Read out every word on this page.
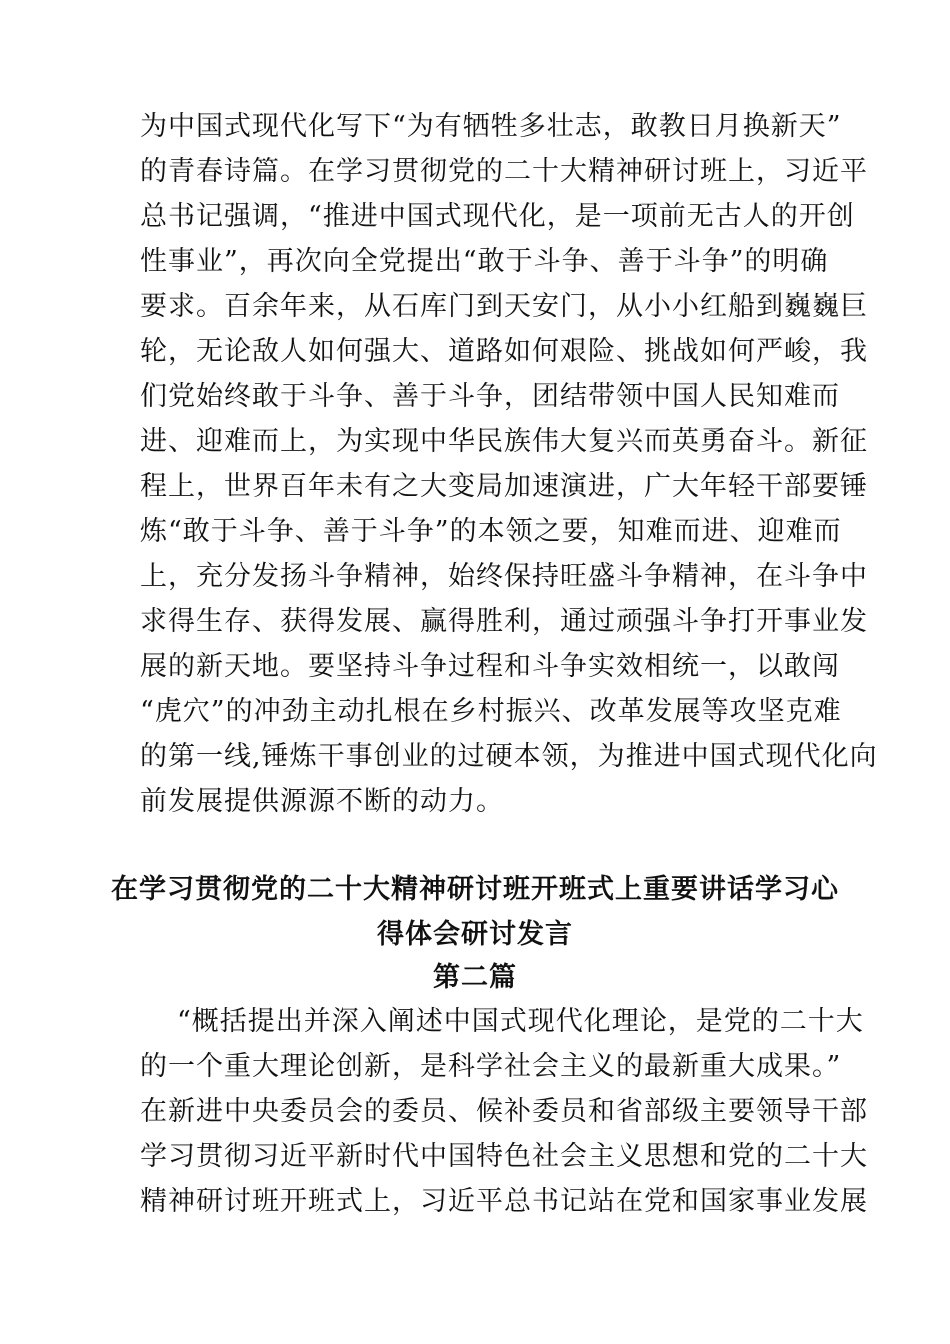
为中国式现代化写下“为有牺牲多壮志，敢教日月换新天”
的青春诗篇。在学习贯彻党的二十大精神研讨班上，习近平
总书记强调，“推进中国式现代化，是一项前无古人的开创
性事业”，再次向全党提出“敢于斗争、善于斗争”的明确
要求。百余年来，从石库门到天安门，从小小红船到巍巍巨
轮，无论敌人如何强大、道路如何艰险、挑战如何严峻，我
们党始终敢于斗争、善于斗争，团结带领中国人民知难而
进、迎难而上，为实现中华民族伟大复兴而英勇奋斗。新征
程上，世界百年未有之大变局加速演进，广大年轻干部要锤
炼“敢于斗争、善于斗争”的本领之要，知难而进、迎难而
上，充分发扬斗争精神，始终保持旺盛斗争精神，在斗争中
求得生存、获得发展、赢得胜利，通过顽强斗争打开事业发
展的新天地。要坚持斗争过程和斗争实效相统一，以敢闯
“虎穴”的冲劲主动扎根在乡村振兴、改革发展等攻坚克难
的第一线,锤炼干事创业的过硬本领，为推进中国式现代化向
前发展提供源源不断的动力。
在学习贯彻党的二十大精神研讨班开班式上重要讲话学习心
得体会研讨发言
第二篇
“概括提出并深入阐述中国式现代化理论，是党的二十大
的一个重大理论创新，是科学社会主义的最新重大成果。”
在新进中央委员会的委员、候补委员和省部级主要领导干部
学习贯彻习近平新时代中国特色社会主义思想和党的二十大
精神研讨班开班式上，习近平总书记站在党和国家事业发展
